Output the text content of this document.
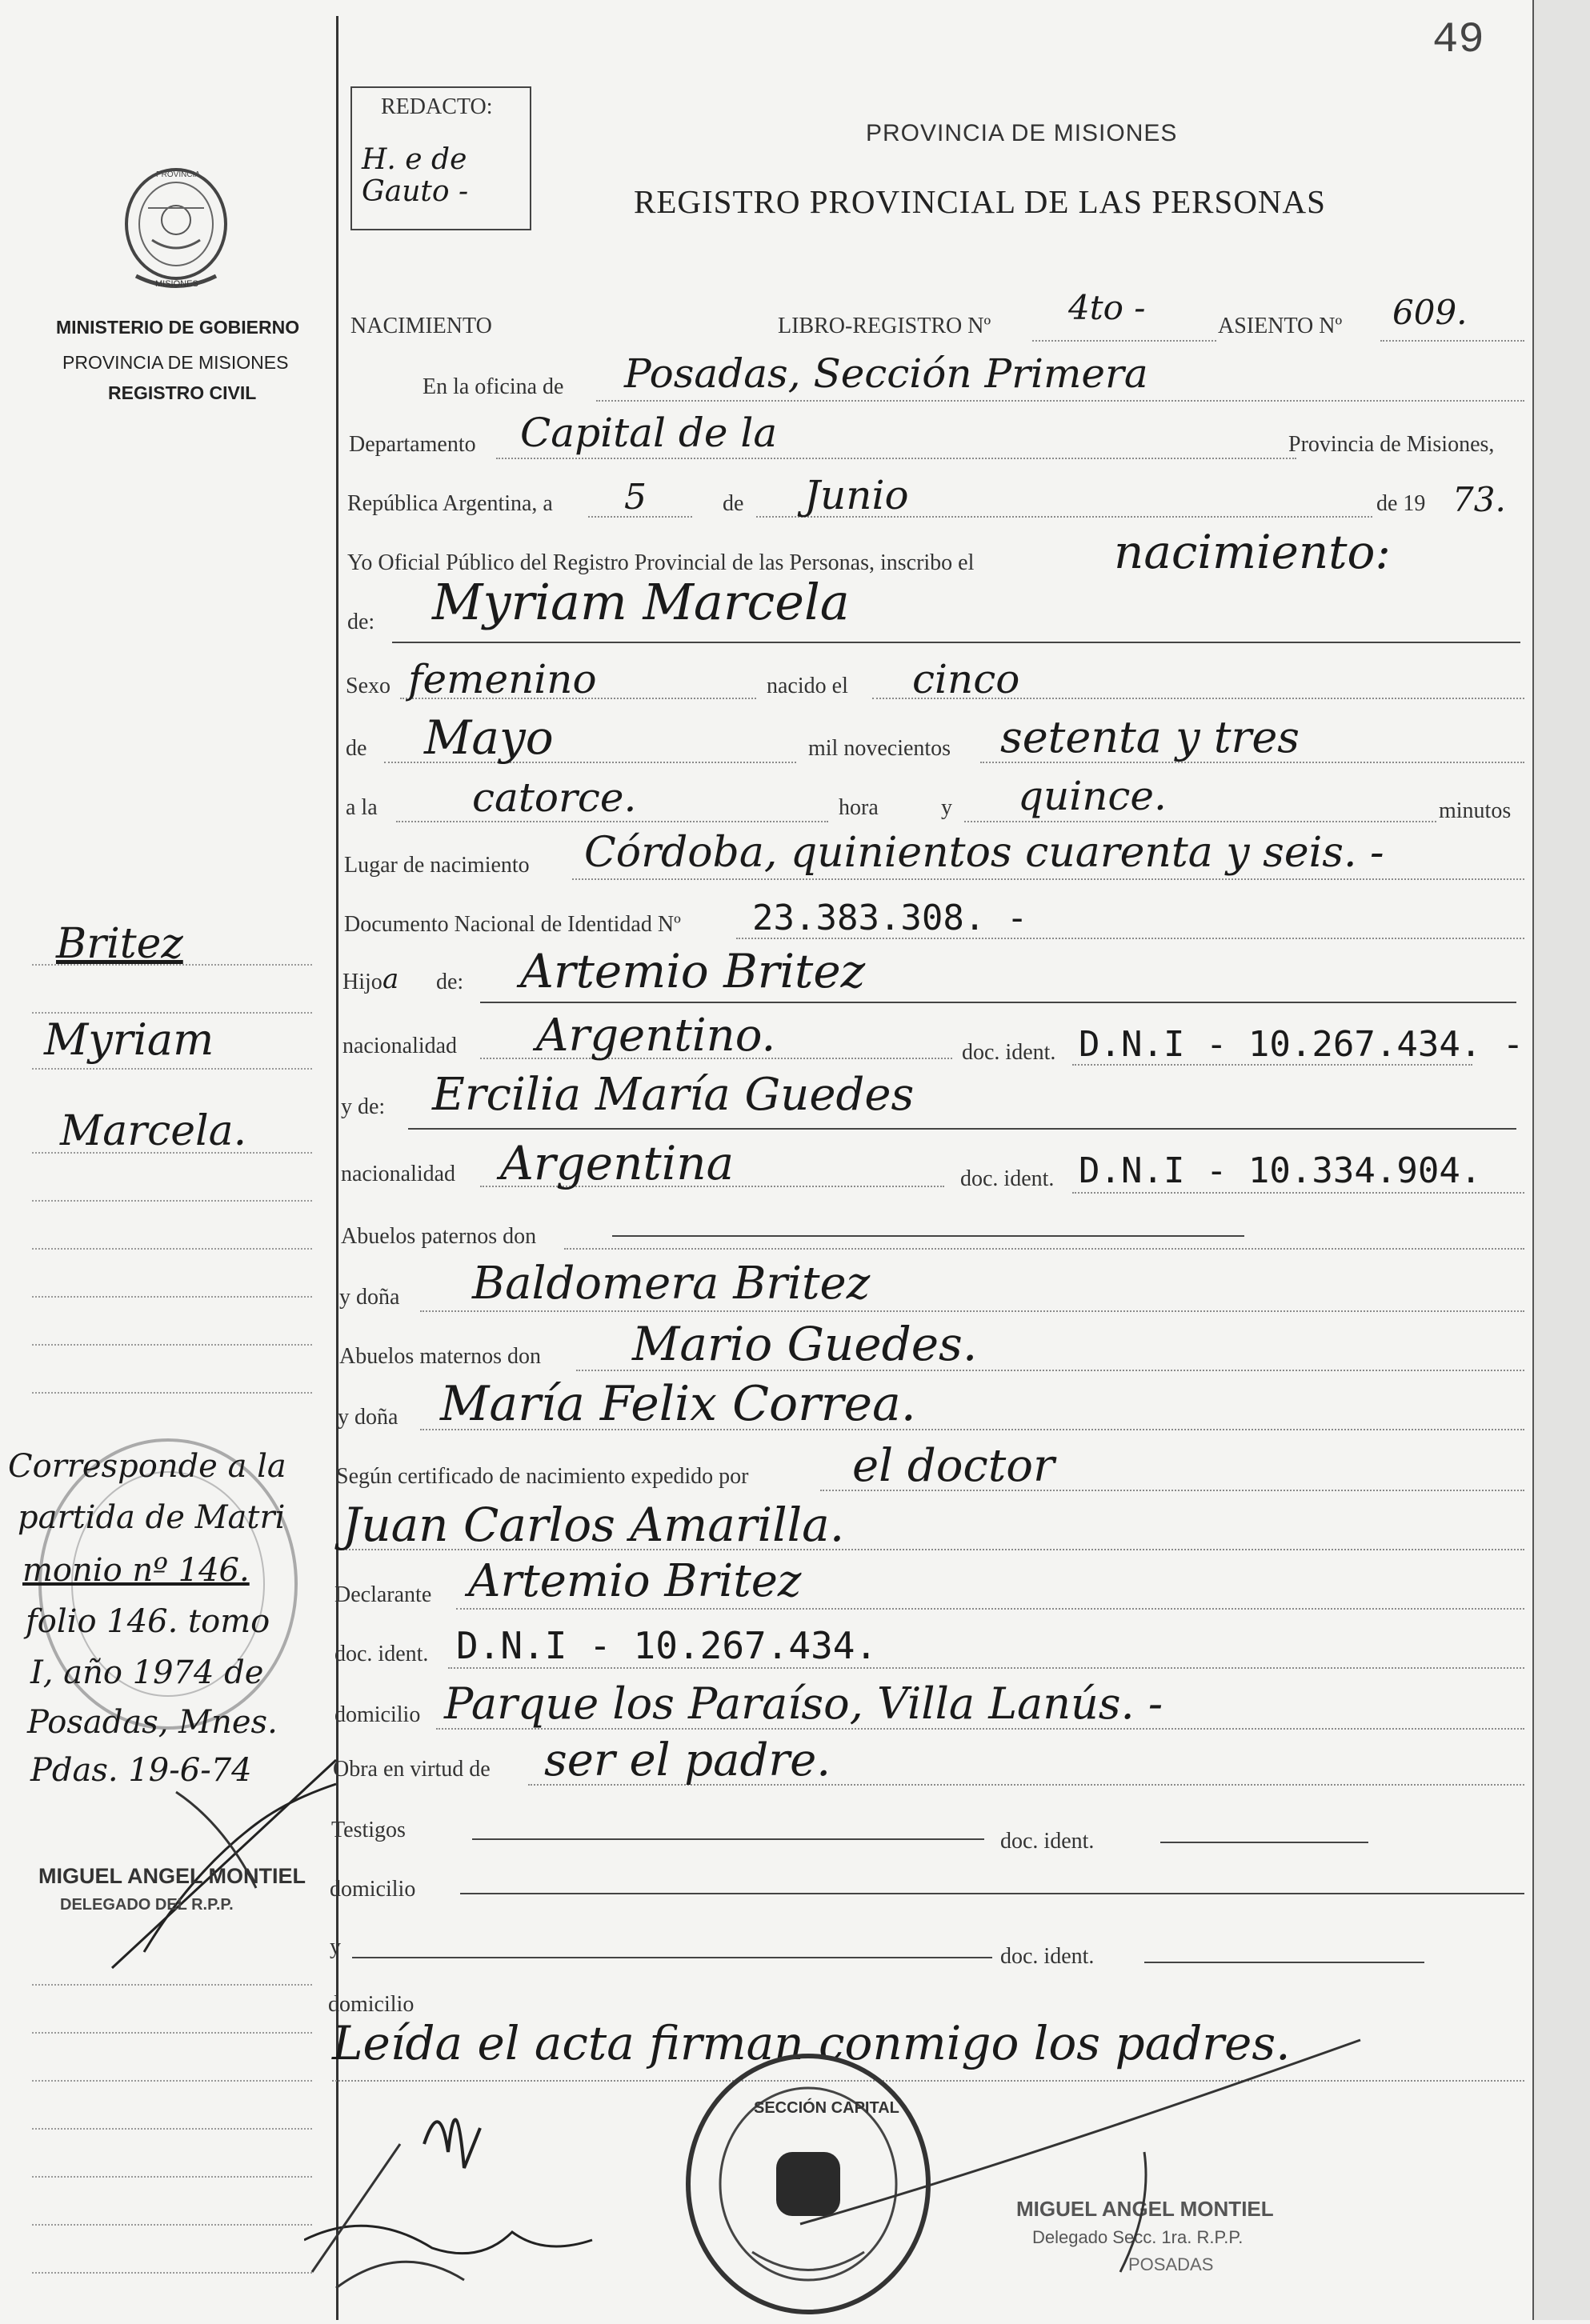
49
REDACTO:
H. e de Gauto -
PROVINCIA
MISIONES
MINISTERIO DE GOBIERNO
PROVINCIA DE MISIONES
REGISTRO CIVIL
PROVINCIA DE MISIONES
REGISTRO PROVINCIAL DE LAS PERSONAS
NACIMIENTO	LIBRO-REGISTRO Nº 4to -	ASIENTO Nº 609.
En la oficina de Posadas, Sección Primera
Departamento Capital de la	Provincia de Misiones,
República Argentina, a 5	de Junio	de 19 73.
Yo Oficial Público del Registro Provincial de las Personas, inscribo el	nacimiento:
de: Myriam Marcela
Sexo femenino	nacido el cinco
de Mayo	mil novecientos setenta y tres
a la catorce.	hora	y quince.	minutos
Lugar de nacimiento Córdoba, quinientos cuarenta y seis. -
Documento Nacional de Identidad Nº 23.383.308. -
Hijo a de: Artemio Britez
nacionalidad Argentino.	doc. ident. D.N.I - 10.267.434. -
y de: Ercilia María Guedes
nacionalidad Argentina	doc. ident. D.N.I - 10.334.904.
Abuelos paternos don
y doña Baldomera Britez
Abuelos maternos don Mario Guedes.
y doña María Felix Correa.
Según certificado de nacimiento expedido por el doctor
Juan Carlos Amarilla.
Declarante Artemio Britez
doc. ident. D.N.I - 10.267.434.
domicilio Parque los Paraíso, Villa Lanús. -
Obra en virtud de ser el padre.
Testigos	doc. ident.
domicilio
y	doc. ident.
domicilio
Leída el acta firman conmigo los padres.
SECCIÓN CAPITAL
MIGUEL ANGEL MONTIEL
Delegado Secc. 1ra. R.P.P.
POSADAS
Britez
Myriam
Marcela.
Corresponde a la
partida de Matri
monio nº 146.
folio 146. tomo
I, año 1974 de
Posadas, Mnes.
Pdas. 19-6-74
MIGUEL ANGEL MONTIEL
DELEGADO DEL R.P.P.
